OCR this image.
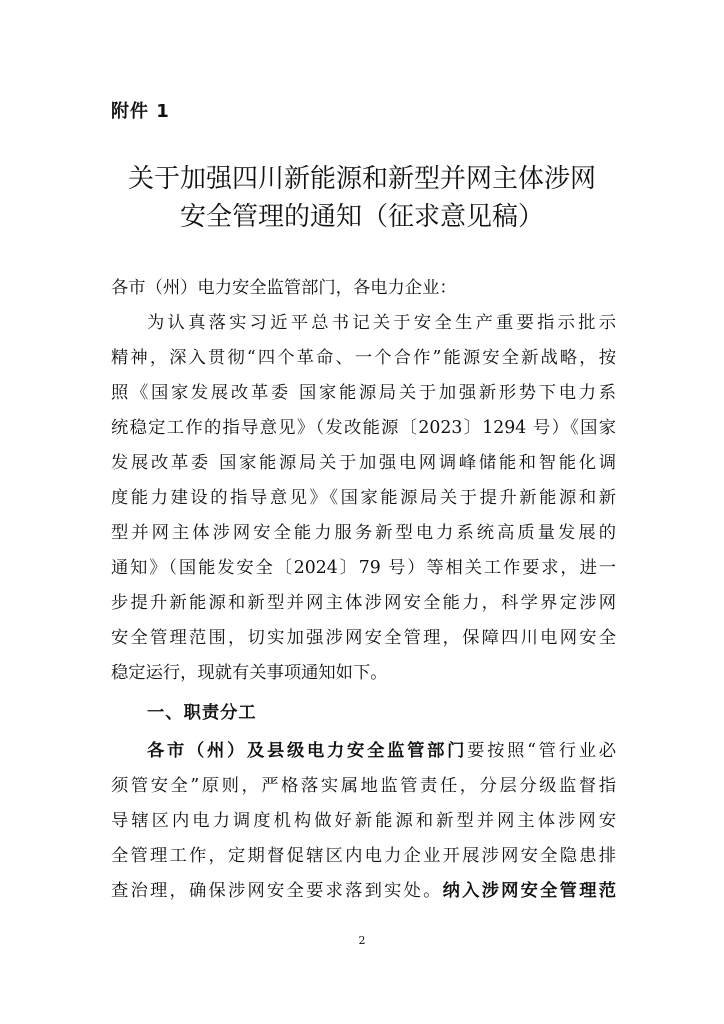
附件 1
关于加强四川新能源和新型并网主体涉网
安全管理的通知（征求意见稿）
各市（州）电力安全监管部门，各电力企业：
为认真落实习近平总书记关于安全生产重要指示批示
精神，深入贯彻“四个革命、一个合作”能源安全新战略，按
照《国家发展改革委 国家能源局关于加强新形势下电力系
统稳定工作的指导意见》（发改能源〔2023〕1294 号）《国家
发展改革委 国家能源局关于加强电网调峰储能和智能化调
度能力建设的指导意见》《国家能源局关于提升新能源和新
型并网主体涉网安全能力服务新型电力系统高质量发展的
通知》（国能发安全〔2024〕79 号）等相关工作要求，进一
步提升新能源和新型并网主体涉网安全能力，科学界定涉网
安全管理范围，切实加强涉网安全管理，保障四川电网安全
稳定运行，现就有关事项通知如下。
一、职责分工
各市（州）及县级电力安全监管部门要按照“管行业必
须管安全”原则，严格落实属地监管责任，分层分级监督指
导辖区内电力调度机构做好新能源和新型并网主体涉网安
全管理工作，定期督促辖区内电力企业开展涉网安全隐患排
查治理，确保涉网安全要求落到实处。纳入涉网安全管理范
2
